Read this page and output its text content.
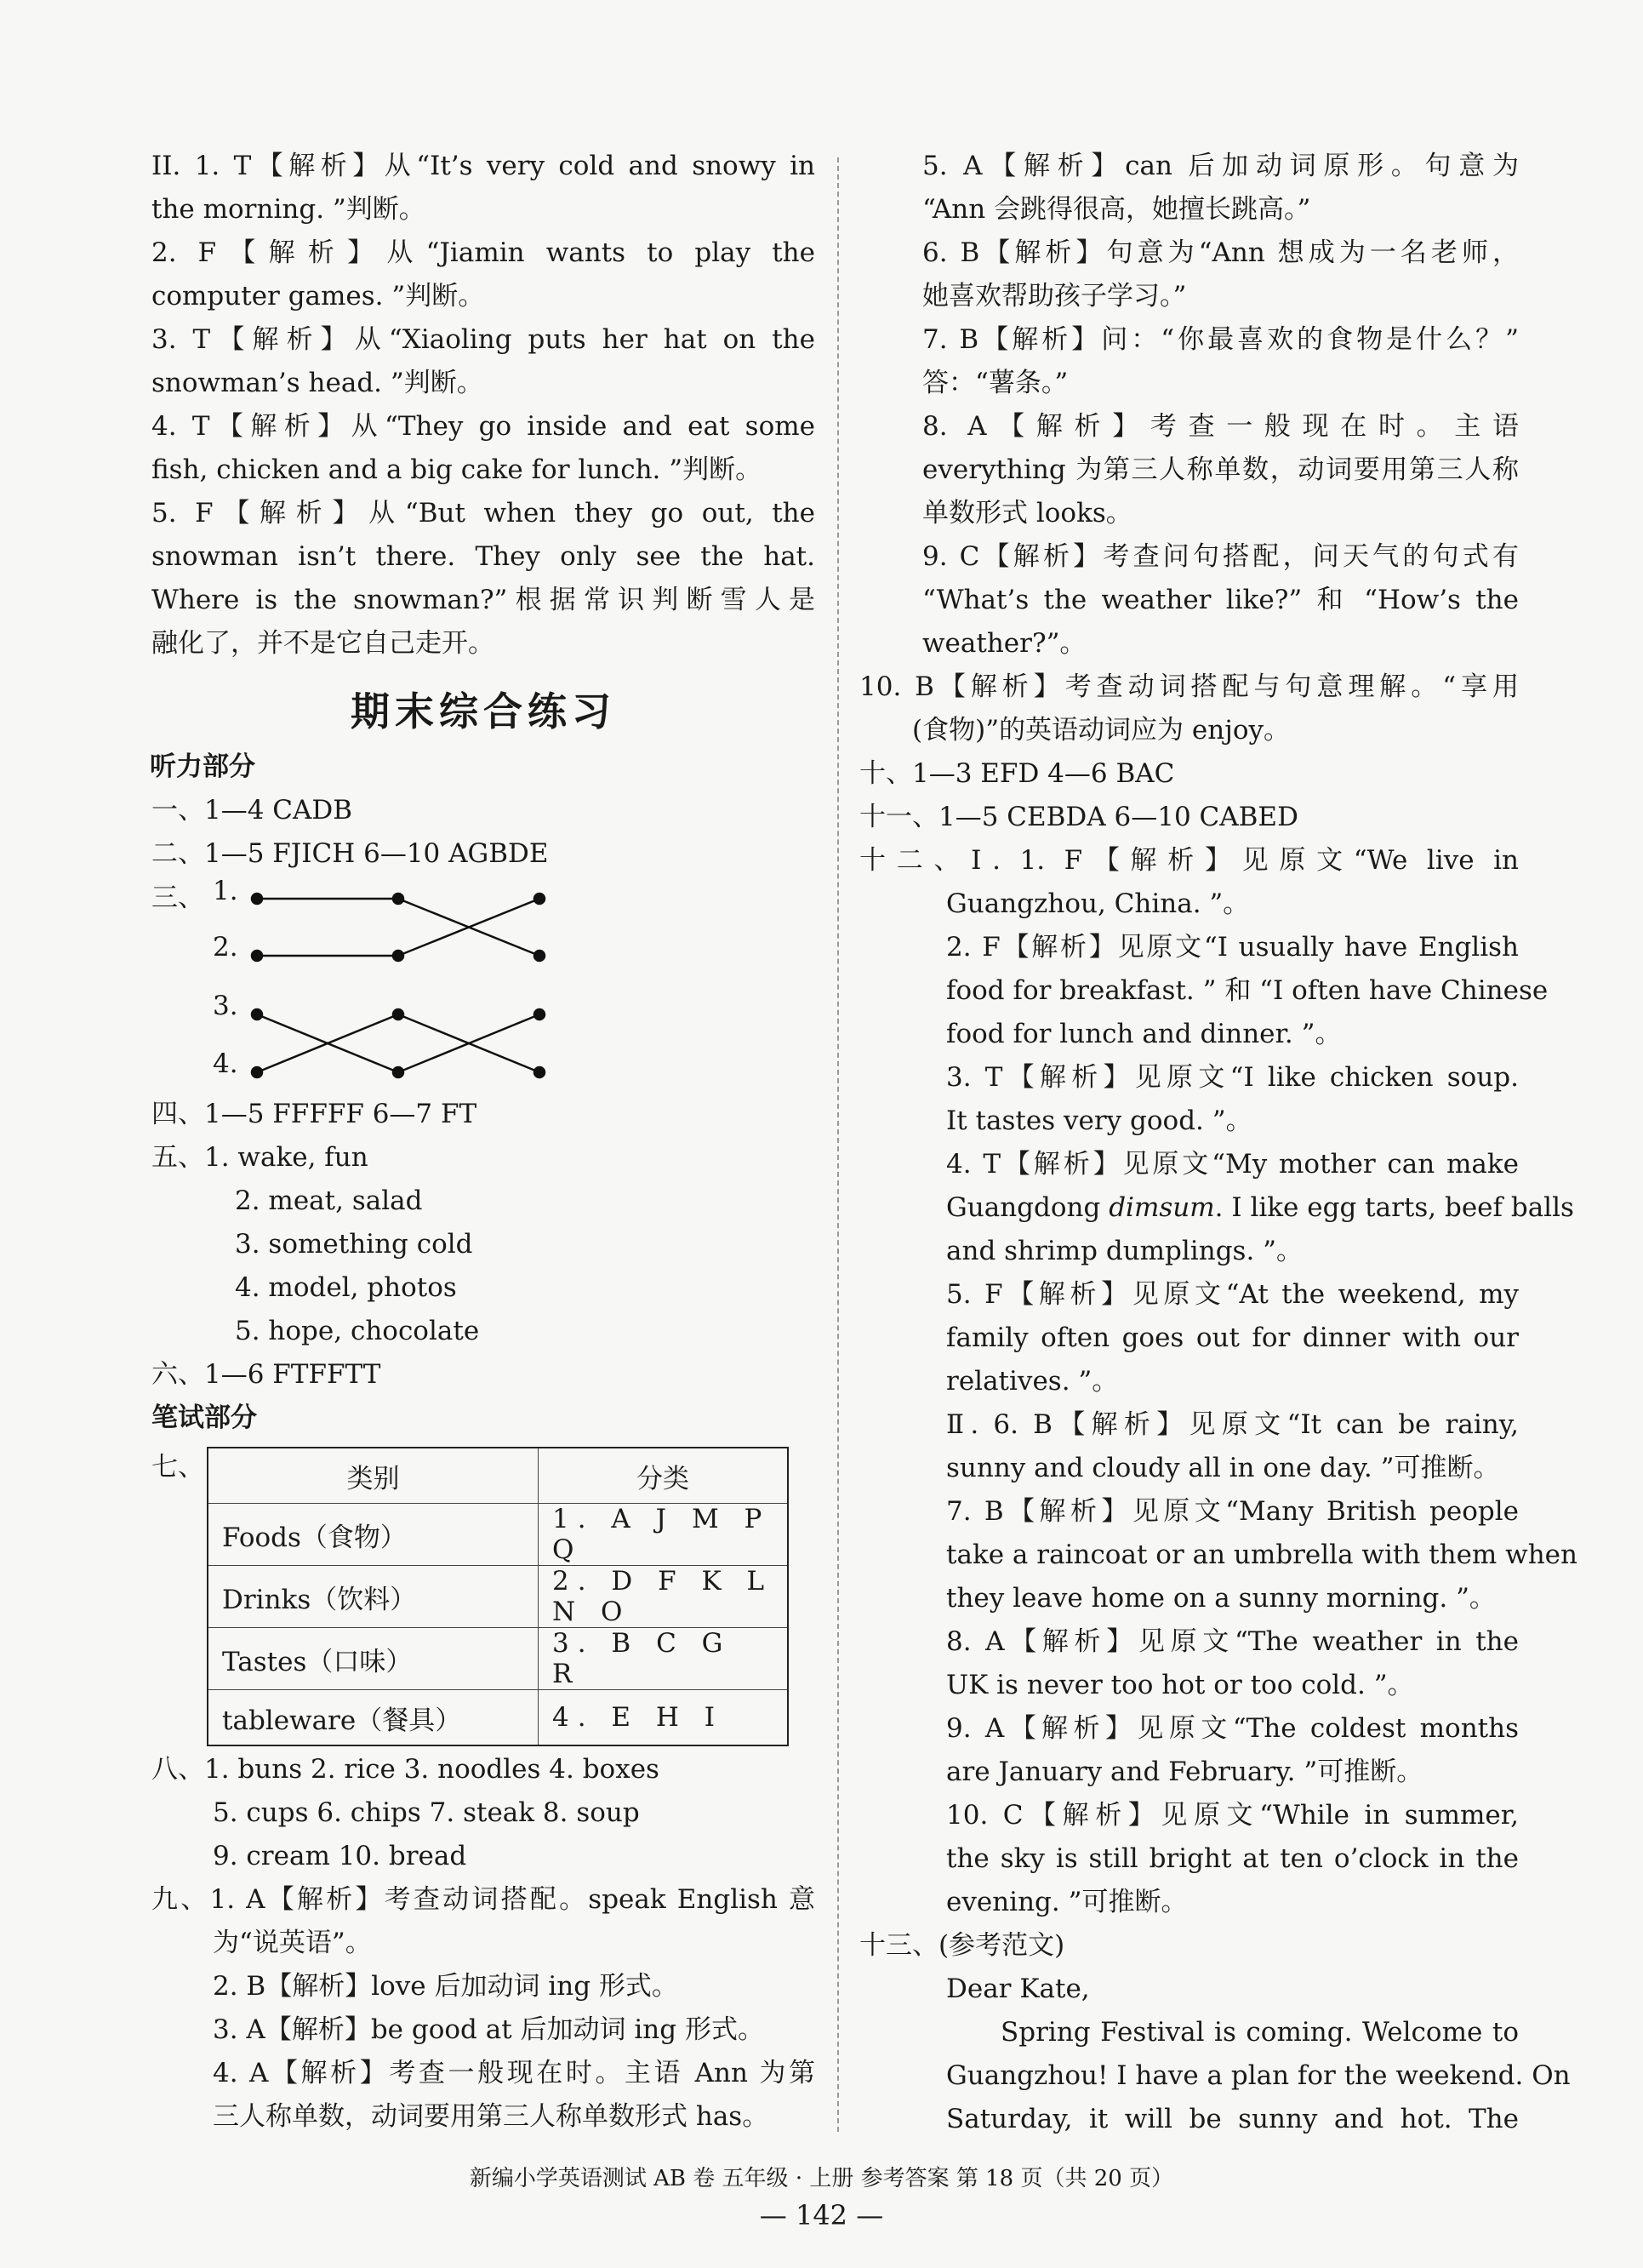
II. 1. T【解析】从“It’s very cold and snowy in
the morning. ”判断。
2. F【解析】从“Jiamin wants to play the
computer games. ”判断。
3. T【解析】从“Xiaoling puts her hat on the
snowman’s head. ”判断。
4. T【解析】从“They go inside and eat some
fish, chicken and a big cake for lunch. ”判断。
5. F【解析】从“But when they go out, the
snowman isn’t there. They only see the hat.
Where is the snowman?”根据常识判断雪人是
融化了，并不是它自己走开。
期末综合练习
听力部分
一、1—4 CADB
二、1—5 FJICH 6—10 AGBDE
三、 1.
2.
3.
4.
四、1—5 FFFFF 6—7 FT
五、1. wake, fun
2. meat, salad
3. something cold
4. model, photos
5. hope, chocolate
六、1—6 FTFFTT
笔试部分
七、	类别	分类
Foods（食物）	1. A J M P Q
Drinks（饮料）	2. D F K L N O
Tastes（口味）	3. B C G R
tableware（餐具）	4. E H I
八、1. buns 2. rice 3. noodles 4. boxes
5. cups 6. chips 7. steak 8. soup
9. cream 10. bread
九、1. A【解析】考查动词搭配。speak English 意
为“说英语”。
2. B【解析】love 后加动词 ing 形式。
3. A【解析】be good at 后加动词 ing 形式。
4. A【解析】考查一般现在时。主语 Ann 为第
三人称单数，动词要用第三人称单数形式 has。
5. A【解析】can 后加动词原形。句意为
“Ann 会跳得很高，她擅长跳高。”
6. B【解析】句意为“Ann 想成为一名老师，
她喜欢帮助孩子学习。”
7. B【解析】问：“你最喜欢的食物是什么？”
答：“薯条。”
8. A【解析】考查一般现在时。主语
everything 为第三人称单数，动词要用第三人称
单数形式 looks。
9. C【解析】考查问句搭配，问天气的句式有
“What’s the weather like?” 和 “How’s the
weather?”。
10. B【解析】考查动词搭配与句意理解。“享用
(食物)”的英语动词应为 enjoy。
十、1—3 EFD 4—6 BAC
十一、1—5 CEBDA 6—10 CABED
十二、Ⅰ. 1. F【解析】见原文“We live in
Guangzhou, China. ”。
2. F【解析】见原文“I usually have English
food for breakfast. ” 和 “I often have Chinese
food for lunch and dinner. ”。
3. T【解析】见原文“I like chicken soup.
It tastes very good. ”。
4. T【解析】见原文“My mother can make
Guangdong dimsum. I like egg tarts, beef balls
and shrimp dumplings. ”。
5. F【解析】见原文“At the weekend, my
family often goes out for dinner with our
relatives. ”。
Ⅱ. 6. B【解析】见原文“It can be rainy,
sunny and cloudy all in one day. ”可推断。
7. B【解析】见原文“Many British people
take a raincoat or an umbrella with them when
they leave home on a sunny morning. ”。
8. A【解析】见原文“The weather in the
UK is never too hot or too cold. ”。
9. A【解析】见原文“The coldest months
are January and February. ”可推断。
10. C【解析】见原文“While in summer,
the sky is still bright at ten o’clock in the
evening. ”可推断。
十三、(参考范文)
Dear Kate,
Spring Festival is coming. Welcome to
Guangzhou! I have a plan for the weekend. On
Saturday, it will be sunny and hot. The
新编小学英语测试 AB 卷 五年级 · 上册 参考答案 第 18 页（共 20 页）
— 142 —
